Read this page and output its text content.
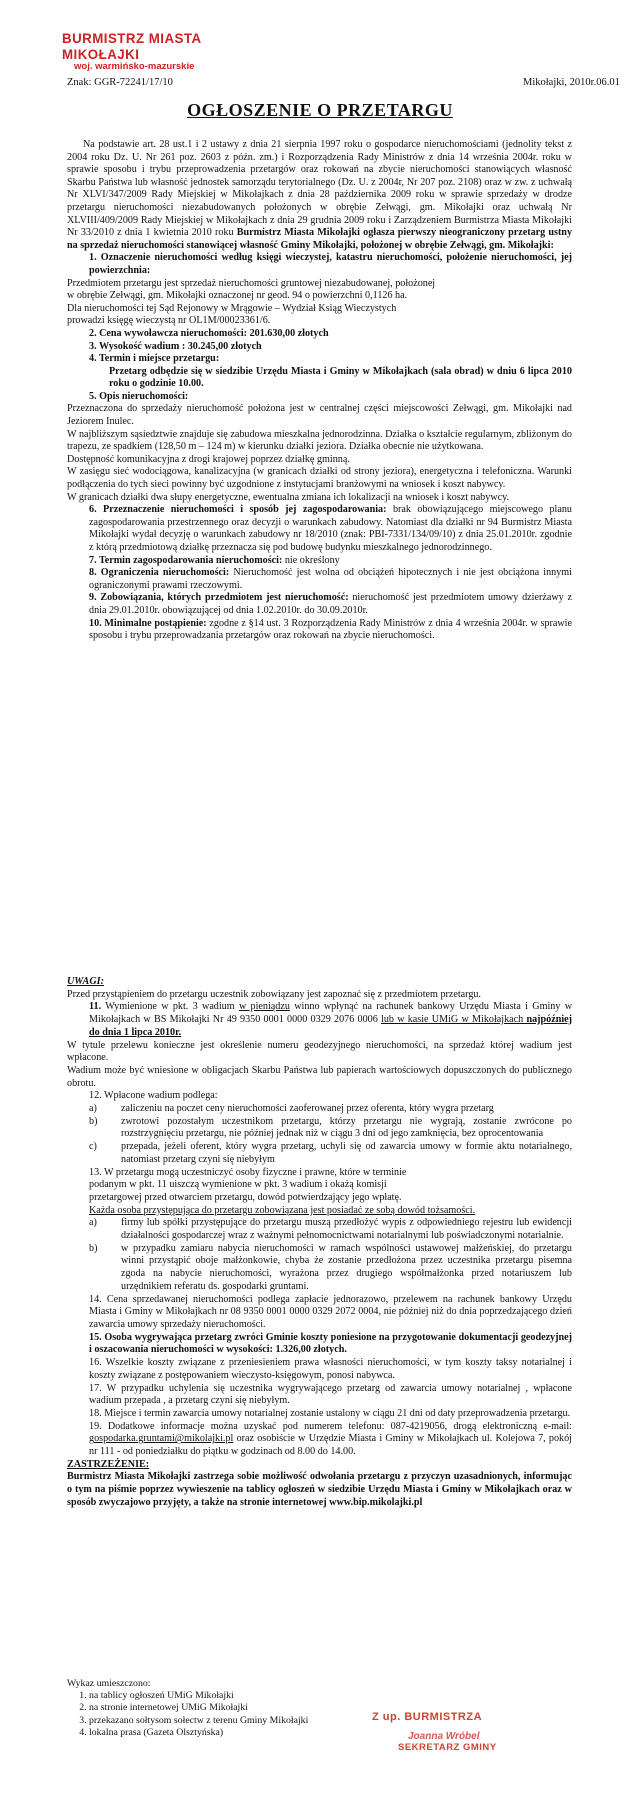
BURMISTRZ MIASTA MIKOŁAJKI
woj. warmińsko-mazurskie
Znak: GGR-72241/17/10	Mikołajki, 2010r.06.01
OGŁOSZENIE O PRZETARGU

Na podstawie art. 28 ust.1 i 2 ustawy z dnia 21 sierpnia 1997 roku o gospodarce nieruchomościami (jednolity tekst z 2004 roku Dz. U. Nr 261 poz. 2603 z późn. zm.) i Rozporządzenia Rady Ministrów z dnia 14 września 2004r. roku w sprawie sposobu i trybu przeprowadzenia przetargów oraz rokowań na zbycie nieruchomości stanowiących własność Skarbu Państwa lub własność jednostek samorządu terytorialnego (Dz. U. z 2004r, Nr 207 poz. 2108) oraz w zw. z uchwałą Nr XLVI/347/2009 Rady Miejskiej w Mikołajkach z dnia 28 października 2009 roku w sprawie sprzedaży w drodze przetargu nieruchomości niezabudowanych położonych w obrębie Zełwągi, gm. Mikołajki oraz uchwałą Nr XLVIII/409/2009 Rady Miejskiej w Mikołajkach z dnia 29 grudnia 2009 roku i Zarządzeniem Burmistrza Miasta Mikołajki Nr 33/2010 z dnia 1 kwietnia 2010 roku Burmistrz Miasta Mikołajki ogłasza pierwszy nieograniczony przetarg ustny na sprzedaż nieruchomości stanowiącej własność Gminy Mikołajki, położonej w obrębie Zełwągi, gm. Mikołajki:

1. Oznaczenie nieruchomości według księgi wieczystej, katastru nieruchomości, położenie nieruchomości, jej powierzchnia:

Przedmiotem przetargu jest sprzedaż nieruchomości gruntowej niezabudowanej, położonej

w obrębie Zełwągi, gm. Mikołajki oznaczonej nr geod. 94 o powierzchni 0,1126 ha.

Dla nieruchomości tej Sąd Rejonowy w Mrągowie – Wydział Ksiąg Wieczystych

prowadzi księgę wieczystą nr OL1M/00023361/6.

2. Cena wywoławcza nieruchomości: 201.630,00 złotych

3. Wysokość wadium : 30.245,00 złotych

4. Termin i miejsce przetargu:

Przetarg odbędzie się w siedzibie Urzędu Miasta i Gminy w Mikołajkach (sala obrad) w dniu 6 lipca 2010 roku o godzinie 10.00.

5. Opis nieruchomości:

Przeznaczona do sprzedaży nieruchomość położona jest w centralnej części miejscowości Zełwągi, gm. Mikołajki nad Jeziorem Inulec.

W najbliższym sąsiedztwie znajduje się zabudowa mieszkalna jednorodzinna. Działka o kształcie regularnym, zbliżonym do trapezu, ze spadkiem (128,50 m – 124 m) w kierunku działki jeziora. Działka obecnie nie użytkowana.

Dostępność komunikacyjna z drogi krajowej poprzez działkę gminną.

W zasięgu sieć wodociągowa, kanalizacyjna (w granicach działki od strony jeziora), energetyczna i telefoniczna. Warunki podłączenia do tych sieci powinny być uzgodnione z instytucjami branżowymi na wniosek i koszt nabywcy.

W granicach działki dwa słupy energetyczne, ewentualna zmiana ich lokalizacji na wniosek i koszt nabywcy.

6. Przeznaczenie nieruchomości i sposób jej zagospodarowania: brak obowiązującego miejscowego planu zagospodarowania przestrzennego oraz decyzji o warunkach zabudowy. Natomiast dla działki nr 94 Burmistrz Miasta Mikołajki wydał decyzję o warunkach zabudowy nr 18/2010 (znak: PBI-7331/134/09/10) z dnia 25.01.2010r. zgodnie z którą przedmiotową działkę przeznacza się pod budowę budynku mieszkalnego jednorodzinnego.

7. Termin zagospodarowania nieruchomości: nie określony

8. Ograniczenia nieruchomości: Nieruchomość jest wolna od obciążeń hipotecznych i nie jest obciążona innymi ograniczonymi prawami rzeczowymi.

9. Zobowiązania, których przedmiotem jest nieruchomość: nieruchomość jest przedmiotem umowy dzierżawy z dnia 29.01.2010r. obowiązującej od dnia 1.02.2010r. do 30.09.2010r.

10. Minimalne postąpienie: zgodne z §14 ust. 3 Rozporządzenia Rady Ministrów z dnia 4 września 2004r. w sprawie sposobu i trybu przeprowadzania przetargów oraz rokowań na zbycie nieruchomości.

UWAGI:

Przed przystąpieniem do przetargu uczestnik zobowiązany jest zapoznać się z przedmiotem przetargu.

11. Wymienione w pkt. 3 wadium w pieniądzu winno wpłynąć na rachunek bankowy Urzędu Miasta i Gminy w Mikołajkach w BS Mikołajki Nr 49 9350 0001 0000 0329 2076 0006 lub w kasie UMiG w Mikołajkach najpóźniej do dnia 1 lipca 2010r.

W tytule przelewu konieczne jest określenie numeru geodezyjnego nieruchomości, na sprzedaż której wadium jest wpłacone.

Wadium może być wniesione w obligacjach Skarbu Państwa lub papierach wartościowych dopuszczonych do publicznego obrotu.

12. Wpłacone wadium podlega:

a)	zaliczeniu na poczet ceny nieruchomości zaoferowanej przez oferenta, który wygra przetarg
b)	zwrotowi pozostałym uczestnikom przetargu, którzy przetargu nie wygrają, zostanie zwrócone po rozstrzygnięciu przetargu, nie później jednak niż w ciągu 3 dni od jego zamknięcia, bez oprocentowania
c)	przepada, jeżeli oferent, który wygra przetarg, uchyli się od zawarcia umowy w formie aktu notarialnego, natomiast przetarg czyni się niebyłym

13. W przetargu mogą uczestniczyć osoby fizyczne i prawne, które w terminie

podanym w pkt. 11 uiszczą wymienione w pkt. 3 wadium i okażą komisji

przetargowej przed otwarciem przetargu, dowód potwierdzający jego wpłatę.

Każda osoba przystępująca do przetargu zobowiązana jest posiadać ze sobą dowód tożsamości.

a)	firmy lub spółki przystępujące do przetargu muszą przedłożyć wypis z odpowiedniego rejestru lub ewidencji działalności gospodarczej wraz z ważnymi pełnomocnictwami notarialnymi lub poświadczonymi notarialnie.
b)	w przypadku zamiaru nabycia nieruchomości w ramach wspólności ustawowej małżeńskiej, do przetargu winni przystąpić oboje małżonkowie, chyba że zostanie przedłożona przez uczestnika przetargu pisemna zgoda na nabycie nieruchomości, wyrażona przez drugiego współmałżonka przed notariuszem lub urzędnikiem referatu ds. gospodarki gruntami.

14. Cena sprzedawanej nieruchomości podlega zapłacie jednorazowo, przelewem na rachunek bankowy Urzędu Miasta i Gminy w Mikołajkach nr 08 9350 0001 0000 0329 2072 0004, nie później niż do dnia poprzedzającego dzień zawarcia umowy sprzedaży nieruchomości.

15. Osoba wygrywająca przetarg zwróci Gminie koszty poniesione na przygotowanie dokumentacji geodezyjnej i oszacowania nieruchomości w wysokości: 1.326,00 złotych.

16. Wszelkie koszty związane z przeniesieniem prawa własności nieruchomości, w tym koszty taksy notarialnej i koszty związane z postępowaniem wieczysto-księgowym, ponosi nabywca.

17. W przypadku uchylenia się uczestnika wygrywającego przetarg od zawarcia umowy notarialnej , wpłacone wadium przepada , a przetarg czyni się niebyłym.

18. Miejsce i termin zawarcia umowy notarialnej zostanie ustalony w ciągu 21 dni od daty przeprowadzenia przetargu.

19. Dodatkowe informacje można uzyskać pod numerem telefonu: 087-4219056, drogą elektroniczną e-mail: gospodarka.gruntami@mikolajki.pl oraz osobiście w Urzędzie Miasta i Gminy w Mikołajkach ul. Kolejowa 7, pokój nr 111 - od poniedziałku do piątku w godzinach od 8.00 do 14.00.

ZASTRZEŻENIE:

Burmistrz Miasta Mikołajki zastrzega sobie możliwość odwołania przetargu z przyczyn uzasadnionych, informując o tym na piśmie poprzez wywieszenie na tablicy ogłoszeń w siedzibie Urzędu Miasta i Gminy w Mikołajkach oraz w sposób zwyczajowo przyjęty, a także na stronie internetowej www.bip.mikolajki.pl

Wykaz umieszczono:
1. na tablicy ogłoszeń UMiG Mikołajki
2. na stronie internetowej UMiG Mikołajki
3. przekazano sołtysom sołectw z terenu Gminy Mikołajki
4. lokalna prasa (Gazeta Olsztyńska)
Z up. BURMISTRZA
Joanna Wróbel
SEKRETARZ GMINY
